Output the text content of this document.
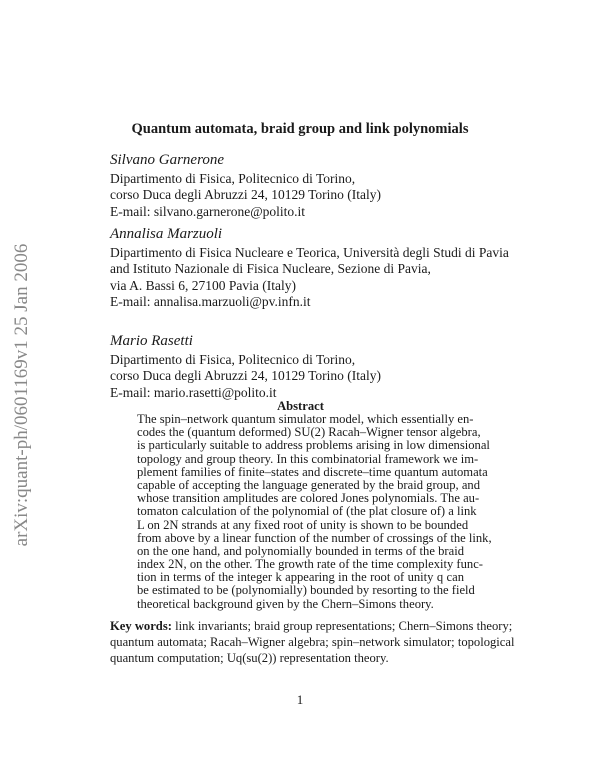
arXiv:quant-ph/0601169v1 25 Jan 2006
Quantum automata, braid group and link polynomials
Silvano Garnerone
Dipartimento di Fisica, Politecnico di Torino,
corso Duca degli Abruzzi 24, 10129 Torino (Italy)
E-mail: silvano.garnerone@polito.it
Annalisa Marzuoli
Dipartimento di Fisica Nucleare e Teorica, Università degli Studi di Pavia
and Istituto Nazionale di Fisica Nucleare, Sezione di Pavia,
via A. Bassi 6, 27100 Pavia (Italy)
E-mail: annalisa.marzuoli@pv.infn.it
Mario Rasetti
Dipartimento di Fisica, Politecnico di Torino,
corso Duca degli Abruzzi 24, 10129 Torino (Italy)
E-mail: mario.rasetti@polito.it
Abstract
The spin–network quantum simulator model, which essentially en-
codes the (quantum deformed) SU(2) Racah–Wigner tensor algebra,
is particularly suitable to address problems arising in low dimensional
topology and group theory. In this combinatorial framework we im-
plement families of finite–states and discrete–time quantum automata
capable of accepting the language generated by the braid group, and
whose transition amplitudes are colored Jones polynomials. The au-
tomaton calculation of the polynomial of (the plat closure of) a link
L on 2N strands at any fixed root of unity is shown to be bounded
from above by a linear function of the number of crossings of the link,
on the one hand, and polynomially bounded in terms of the braid
index 2N, on the other. The growth rate of the time complexity func-
tion in terms of the integer k appearing in the root of unity q can
be estimated to be (polynomially) bounded by resorting to the field
theoretical background given by the Chern–Simons theory.
Key words: link invariants; braid group representations; Chern–Simons theory;
quantum automata; Racah–Wigner algebra; spin–network simulator; topological
quantum computation; Uq(su(2)) representation theory.
1
